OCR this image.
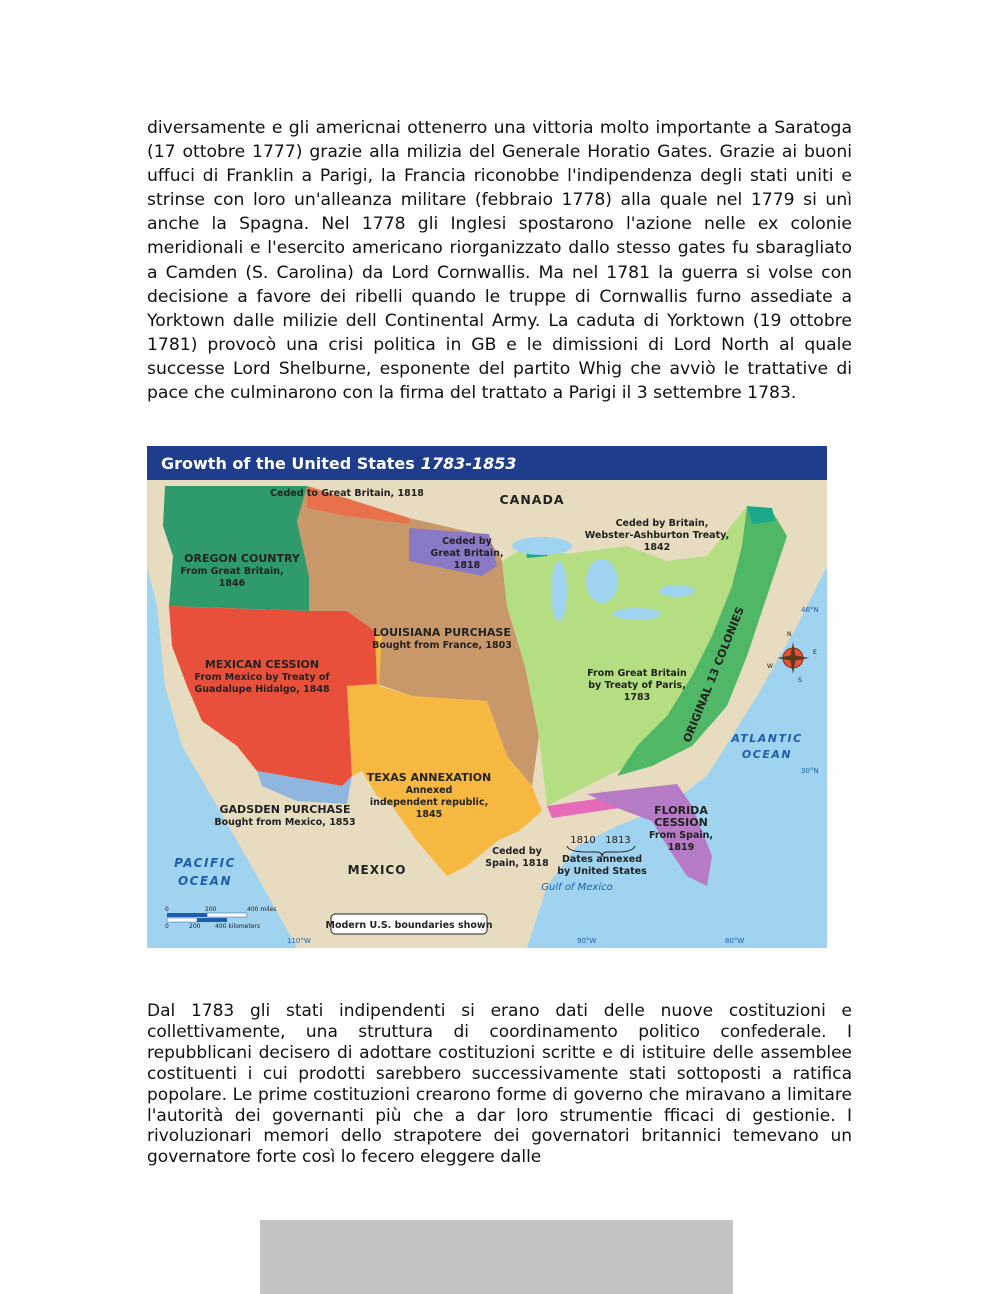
diversamente e gli americnai ottenerro una vittoria molto importante a Saratoga (17 ottobre 1777) grazie alla milizia del Generale Horatio Gates. Grazie ai buoni uffuci di Franklin a Parigi, la Francia riconobbe l'indipendenza degli stati uniti e strinse con loro un'alleanza militare (febbraio 1778) alla quale nel 1779 si unì anche la Spagna. Nel 1778 gli Inglesi spostarono l'azione nelle ex colonie meridionali e l'esercito americano riorganizzato dallo stesso gates fu sbaragliato a Camden (S. Carolina) da Lord Cornwallis. Ma nel 1781 la guerra si volse con decisione a favore dei ribelli quando le truppe di Cornwallis furno assediate a Yorktown dalle milizie dell Continental Army. La caduta di Yorktown (19 ottobre 1781) provocò una crisi politica in GB e le dimissioni di Lord North al quale successe Lord Shelburne, esponente del partito Whig che avviò le trattative di pace che culminarono con la firma del trattato a Parigi il 3 settembre 1783.

Growth of the United States 1783-1853
Ceded to Great Britain, 1818	CANADA
Ceded by
Great Britain,
1818
Ceded by Britain,
Webster-Ashburton Treaty,
1842
OREGON COUNTRY
From Great Britain,
1846
LOUISIANA PURCHASE
Bought from France, 1803
MEXICAN CESSION
From Mexico by Treaty of
Guadalupe Hidalgo, 1848
From Great Britain
by Treaty of Paris,
1783	ORIGINAL 13 COLONIES
ATLANTIC
OCEAN
TEXAS ANNEXATION
Annexed
independent republic,
1845
GADSDEN PURCHASE
Bought from Mexico, 1853
FLORIDA
CESSION
From Spain,
1819
Ceded by
Spain, 1818
1810 1813
Dates annexed
by United States
PACIFIC
OCEAN
MEXICO
Gulf of Mexico
46°N
30°N
110°W	90°W	80°W
N
S
E
W
0	200	400 miles
0	200 400 kilometers	Modern U.S. boundaries shown

Dal 1783 gli stati indipendenti si erano dati delle nuove costituzioni e collettivamente, una struttura di coordinamento politico confederale. I repubblicani decisero di adottare costituzioni scritte e di istituire delle assemblee costituenti i cui prodotti sarebbero successivamente stati sottoposti a ratifica popolare. Le prime costituzioni crearono forme di governo che miravano a limitare l'autorità dei governanti più che a dar loro strumentie fficaci di gestionie. I rivoluzionari memori dello strapotere dei governatori britannici temevano un governatore forte così lo fecero eleggere dalle
